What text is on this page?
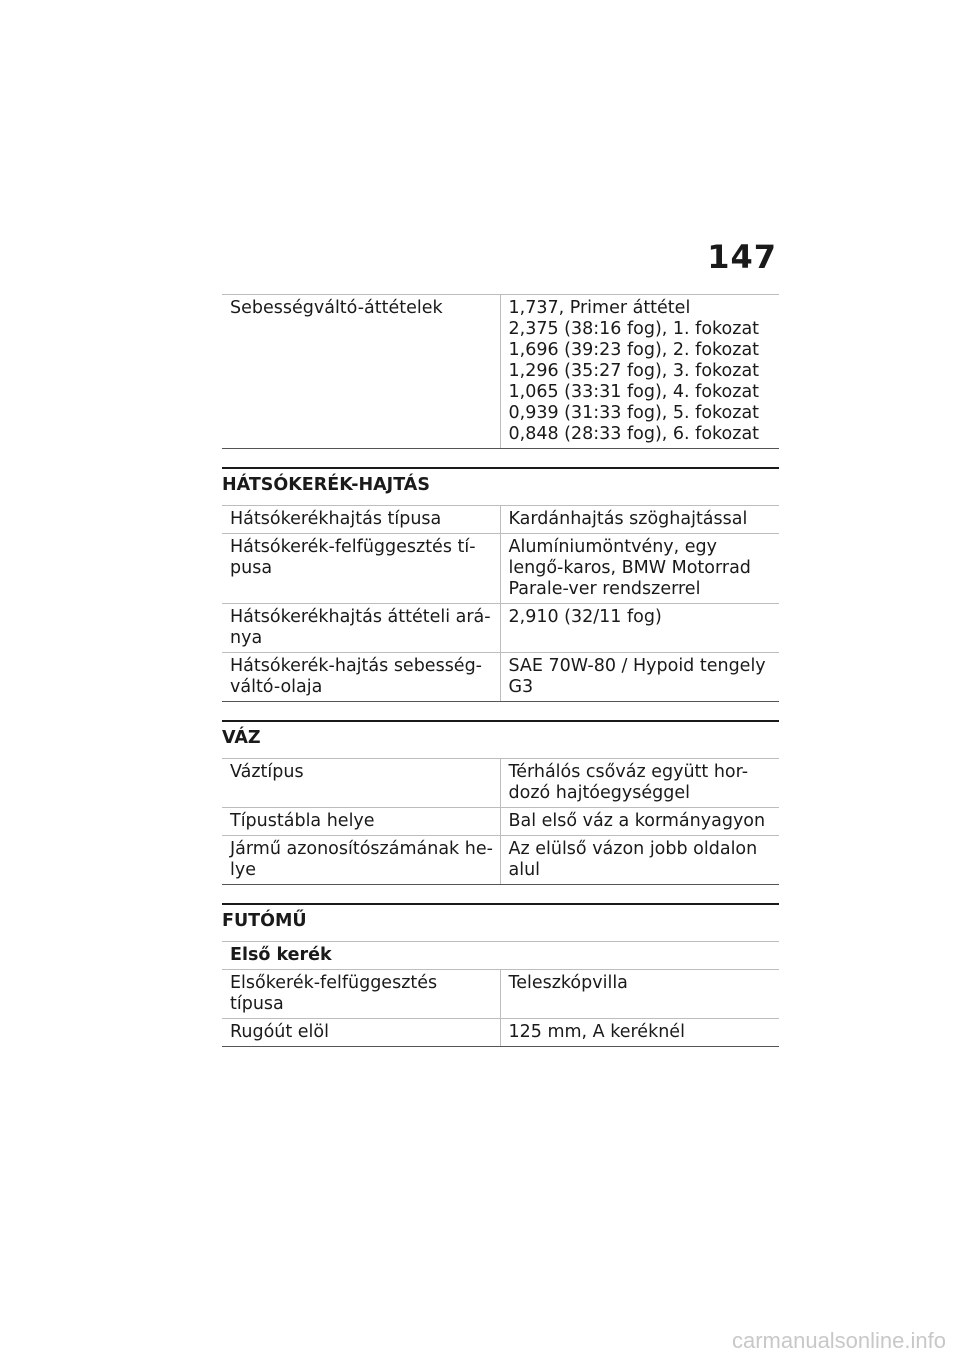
147
Sebességváltó-áttételek	1,737, Primer áttétel
2,375 (38:16 fog), 1. fokozat
1,696 (39:23 fog), 2. fokozat
1,296 (35:27 fog), 3. fokozat
1,065 (33:31 fog), 4. fokozat
0,939 (31:33 fog), 5. fokozat
0,848 (28:33 fog), 6. fokozat
HÁTSÓKERÉK-HAJTÁS
Hátsókerékhajtás típusa	Kardánhajtás szöghajtással
Hátsókerék-felfüggesztés tí-pusa	Alumíniumöntvény, egy lengő-karos, BMW Motorrad Parale-ver rendszerrel
Hátsókerékhajtás áttételi ará-nya	2,910 (32/11 fog)
Hátsókerék-hajtás sebesség-váltó-olaja	SAE 70W-80 / Hypoid tengely G3
VÁZ
Váztípus	Térhálós csőváz együtt hor-dozó hajtóegységgel
Típustábla helye	Bal első váz a kormányagyon
Jármű azonosítószámának he-lye	Az elülső vázon jobb oldalon alul
FUTÓMŰ
Első kerék	
Elsőkerék-felfüggesztés típusa	Teleszkópvilla
Rugóút elöl	125 mm, A keréknél
carmanualsonline.info
